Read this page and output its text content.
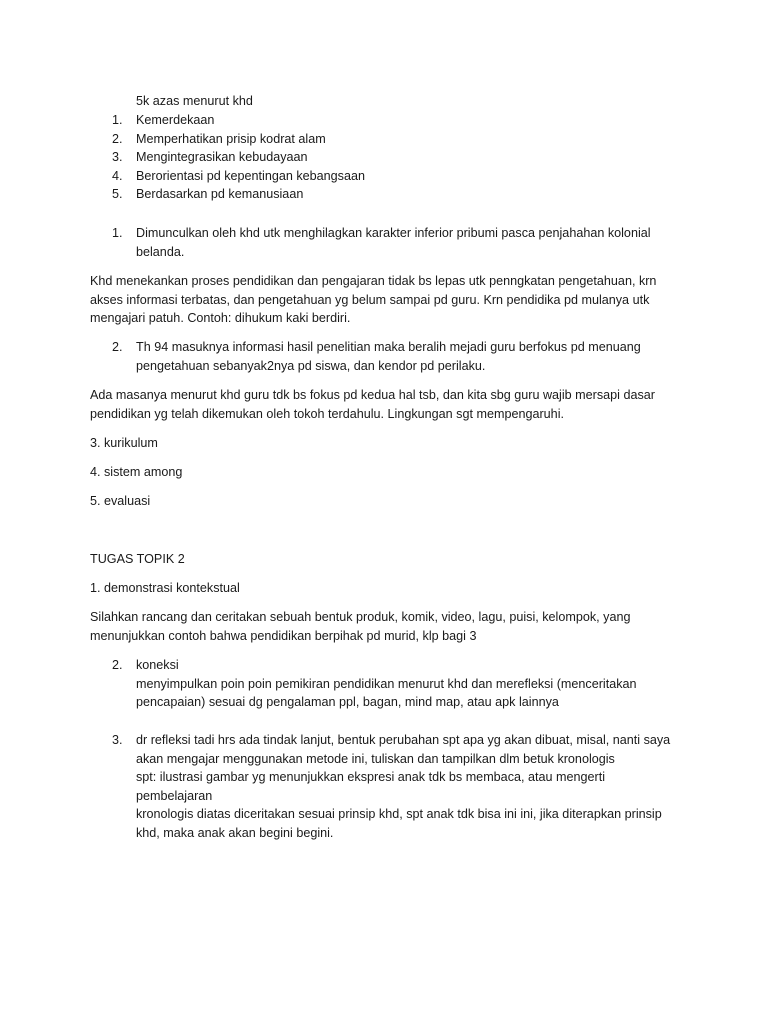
5k azas menurut khd
1. Kemerdekaan
2. Memperhatikan prisip kodrat alam
3. Mengintegrasikan kebudayaan
4. Berorientasi pd kepentingan kebangsaan
5. Berdasarkan pd kemanusiaan
1. Dimunculkan oleh khd utk menghilagkan karakter inferior pribumi pasca penjahahan kolonial belanda.

Khd menekankan proses pendidikan dan pengajaran tidak bs lepas utk penngkatan pengetahuan, krn akses informasi terbatas, dan pengetahuan yg belum sampai pd guru. Krn pendidika pd mulanya utk mengajari patuh. Contoh: dihukum kaki berdiri.

2. Th 94 masuknya informasi hasil penelitian maka beralih mejadi guru berfokus pd menuang pengetahuan sebanyak2nya pd siswa, dan kendor pd perilaku.

Ada masanya menurut khd guru tdk bs fokus pd kedua hal tsb, dan kita sbg guru wajib mersapi dasar pendidikan yg telah dikemukan oleh tokoh terdahulu. Lingkungan sgt mempengaruhi.

3. kurikulum

4. sistem among

5. evaluasi

TUGAS TOPIK 2

1. demonstrasi kontekstual

Silahkan rancang dan ceritakan sebuah bentuk produk, komik, video, lagu, puisi, kelompok, yang menunjukkan contoh bahwa pendidikan berpihak pd murid, klp bagi 3

2. koneksi
menyimpulkan poin poin pemikiran pendidikan menurut khd dan merefleksi (menceritakan pencapaian) sesuai dg pengalaman ppl, bagan, mind map, atau apk lainnya
3. dr refleksi tadi hrs ada tindak lanjut, bentuk perubahan spt apa yg akan dibuat, misal, nanti saya akan mengajar menggunakan metode ini, tuliskan dan tampilkan dlm betuk kronologis
spt: ilustrasi gambar yg menunjukkan ekspresi anak tdk bs membaca, atau mengerti pembelajaran
kronologis diatas diceritakan sesuai prinsip khd, spt anak tdk bisa ini ini, jika diterapkan prinsip khd, maka anak akan begini begini.
